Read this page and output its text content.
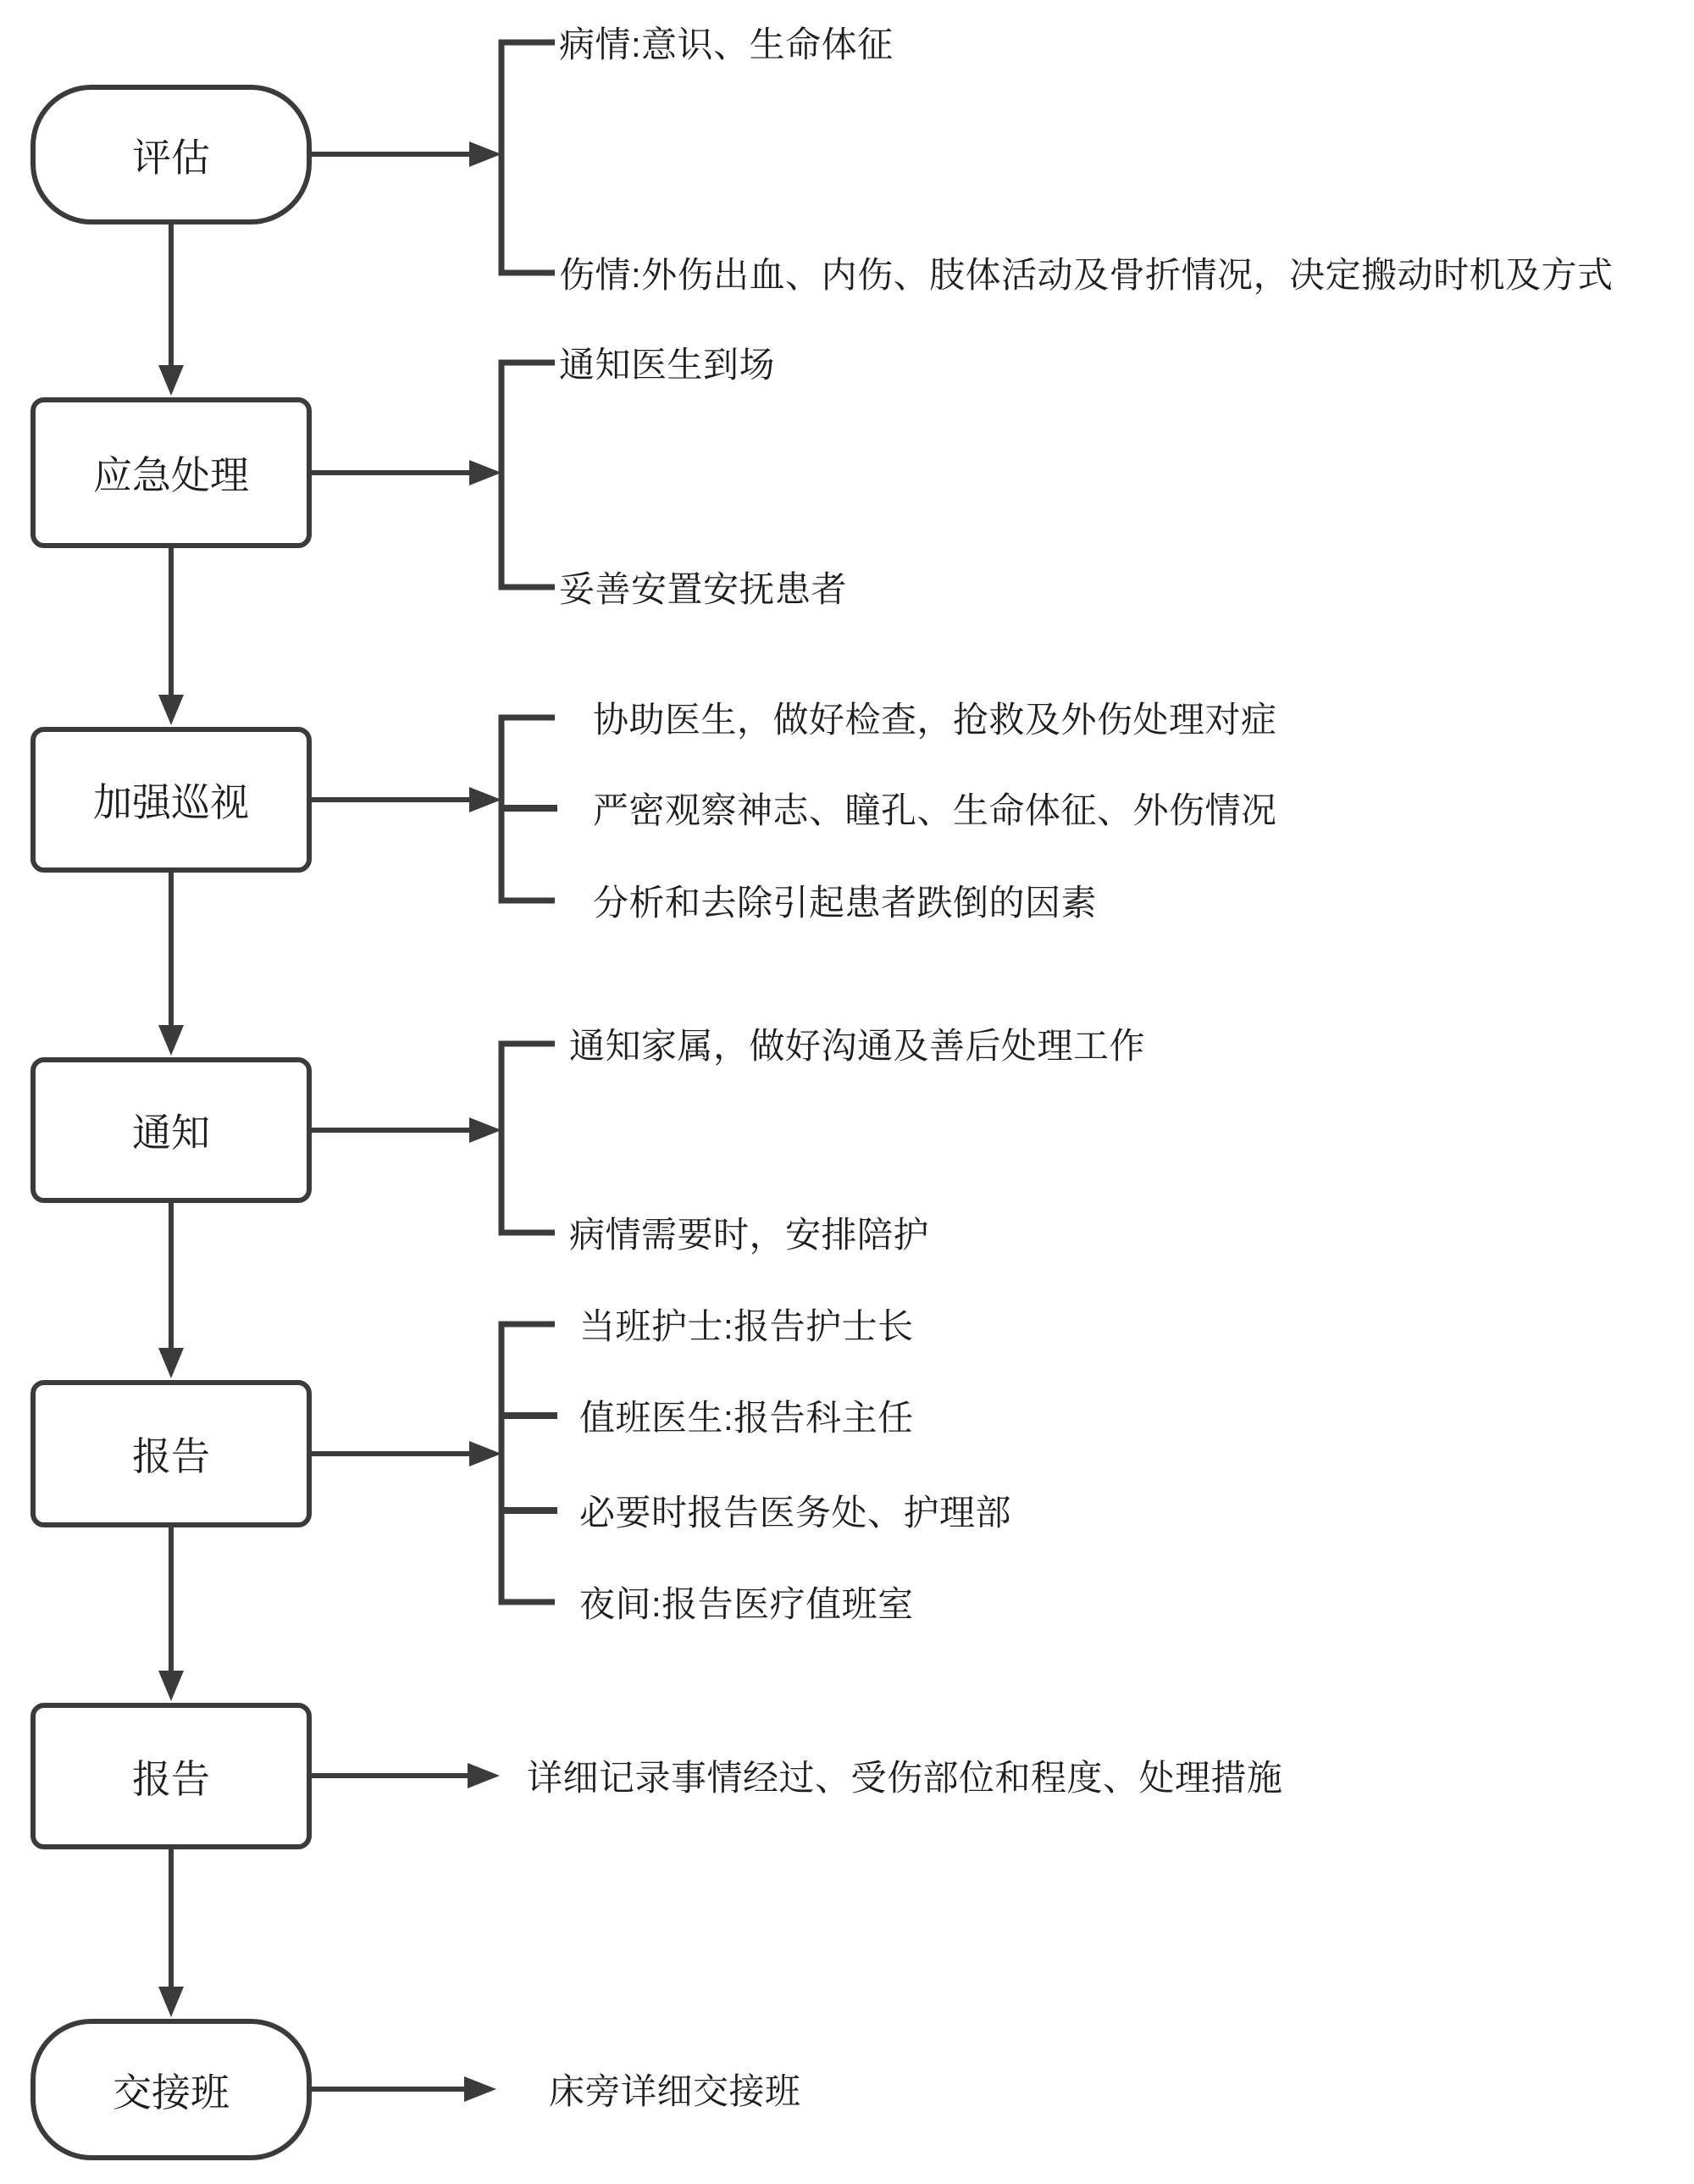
评估
应急处理
加强巡视
通知
报告
报告
交接班
病情:意识、生命体征
伤情:外伤出血、内伤、肢体活动及骨折情况，决定搬动时机及方式
通知医生到场
妥善安置安抚患者
协助医生，做好检查，抢救及外伤处理对症
严密观察神志、瞳孔、生命体征、外伤情况
分析和去除引起患者跌倒的因素
通知家属，做好沟通及善后处理工作
病情需要时，安排陪护
当班护士:报告护士长
值班医生:报告科主任
必要时报告医务处、护理部
夜间:报告医疗值班室
详细记录事情经过、受伤部位和程度、处理措施
床旁详细交接班
